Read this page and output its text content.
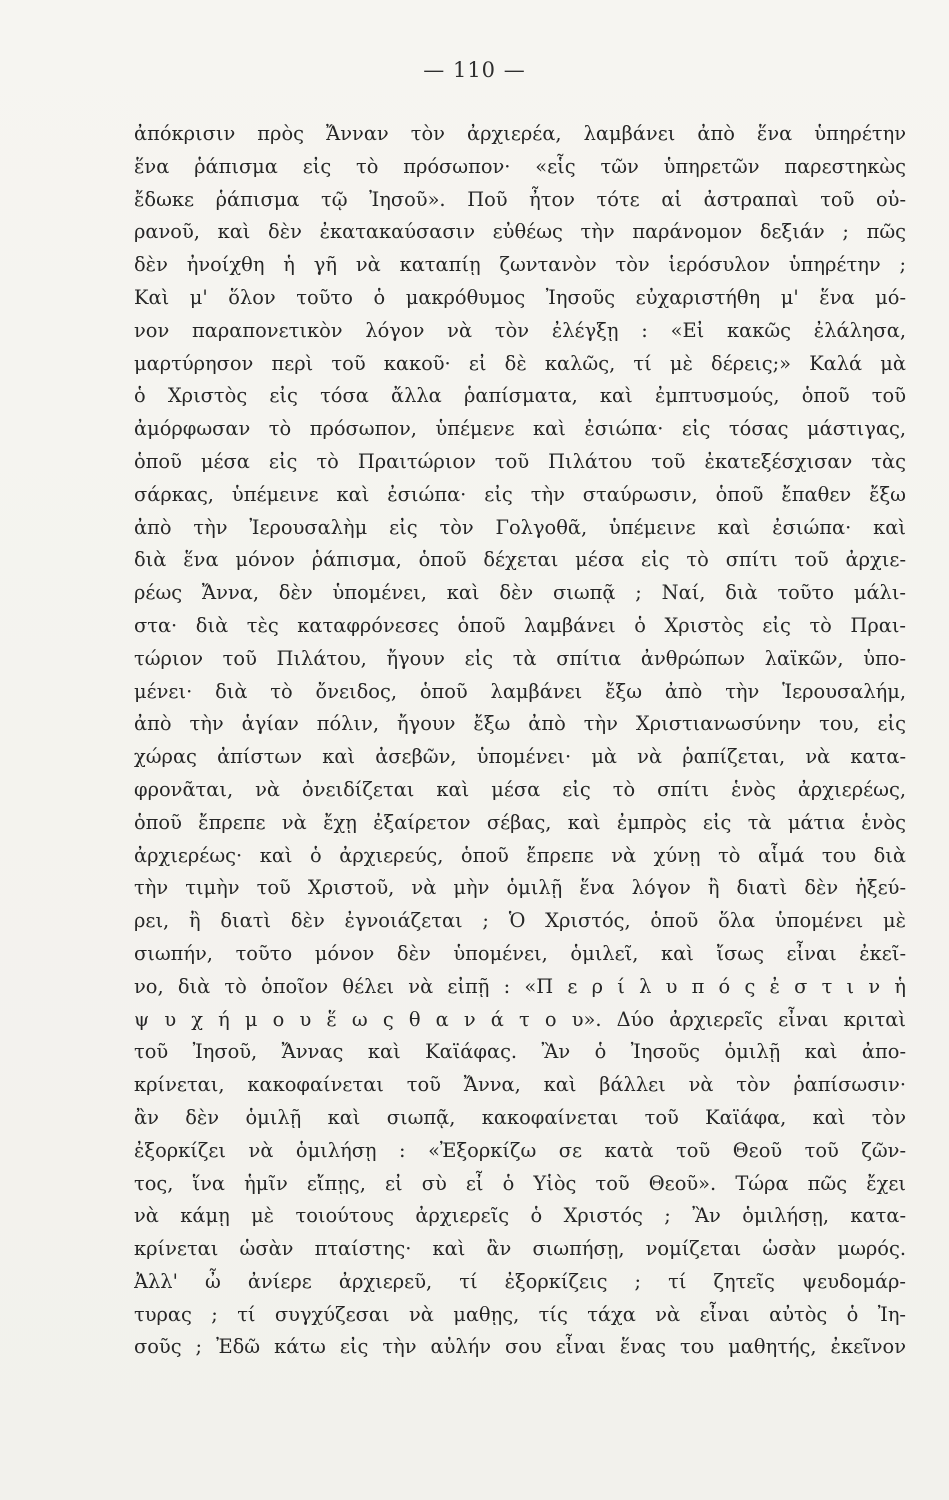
— 110 —
ἀπόκρισιν πρὸς Ἄνναν τὸν ἀρχιερέα, λαμβάνει ἀπὸ ἕνα ὑπηρέτην
ἕνα ῥάπισμα εἰς τὸ πρόσωπον· «εἷς τῶν ὑπηρετῶν παρεστηκὼς
ἔδωκε ῥάπισμα τῷ Ἰησοῦ». Ποῦ ἦτον τότε αἱ ἀστραπαὶ τοῦ οὐ-
ρανοῦ, καὶ δὲν ἐκατακαύσασιν εὐθέως τὴν παράνομον δεξιάν ; πῶς
δὲν ἠνοίχθη ἡ γῆ νὰ καταπίῃ ζωντανὸν τὸν ἱερόσυλον ὑπηρέτην ;
Καὶ μ' ὅλον τοῦτο ὁ μακρόθυμος Ἰησοῦς εὐχαριστήθη μ' ἕνα μό-
νον παραπονετικὸν λόγον νὰ τὸν ἐλέγξῃ : «Εἰ κακῶς ἐλάλησα,
μαρτύρησον περὶ τοῦ κακοῦ· εἰ δὲ καλῶς, τί μὲ δέρεις;» Καλά μὰ
ὁ Χριστὸς εἰς τόσα ἄλλα ῥαπίσματα, καὶ ἐμπτυσμούς, ὁποῦ τοῦ
ἀμόρφωσαν τὸ πρόσωπον, ὑπέμενε καὶ ἐσιώπα· εἰς τόσας μάστιγας,
ὁποῦ μέσα εἰς τὸ Πραιτώριον τοῦ Πιλάτου τοῦ ἐκατεξέσχισαν τὰς
σάρκας, ὑπέμεινε καὶ ἐσιώπα· εἰς τὴν σταύρωσιν, ὁποῦ ἔπαθεν ἔξω
ἀπὸ τὴν Ἰερουσαλὴμ εἰς τὸν Γολγοθᾶ, ὑπέμεινε καὶ ἐσιώπα· καὶ
διὰ ἕνα μόνον ῥάπισμα, ὁποῦ δέχεται μέσα εἰς τὸ σπίτι τοῦ ἀρχιε-
ρέως Ἄννα, δὲν ὑπομένει, καὶ δὲν σιωπᾷ ; Ναί, διὰ τοῦτο μάλι-
στα· διὰ τὲς καταφρόνεσες ὁποῦ λαμβάνει ὁ Χριστὸς εἰς τὸ Πραι-
τώριον τοῦ Πιλάτου, ἤγουν εἰς τὰ σπίτια ἀνθρώπων λαϊκῶν, ὑπο-
μένει· διὰ τὸ ὄνειδος, ὁποῦ λαμβάνει ἔξω ἀπὸ τὴν Ἱερουσαλήμ,
ἀπὸ τὴν ἁγίαν πόλιν, ἤγουν ἔξω ἀπὸ τὴν Χριστιανωσύνην του, εἰς
χώρας ἀπίστων καὶ ἀσεβῶν, ὑπομένει· μὰ νὰ ῥαπίζεται, νὰ κατα-
φρονᾶται, νὰ ὀνειδίζεται καὶ μέσα εἰς τὸ σπίτι ἑνὸς ἀρχιερέως,
ὁποῦ ἔπρεπε νὰ ἔχῃ ἐξαίρετον σέβας, καὶ ἐμπρὸς εἰς τὰ μάτια ἑνὸς
ἀρχιερέως· καὶ ὁ ἀρχιερεύς, ὁποῦ ἔπρεπε νὰ χύνῃ τὸ αἷμά του διὰ
τὴν τιμὴν τοῦ Χριστοῦ, νὰ μὴν ὁμιλῇ ἕνα λόγον ἢ διατὶ δὲν ἠξεύ-
ρει, ἢ διατὶ δὲν ἐγνοιάζεται ; Ὁ Χριστός, ὁποῦ ὅλα ὑπομένει μὲ
σιωπήν, τοῦτο μόνον δὲν ὑπομένει, ὁμιλεῖ, καὶ ἴσως εἶναι ἐκεῖ-
νο, διὰ τὸ ὁποῖον θέλει νὰ εἰπῇ : «Π ε ρ ί λ υ π ό ς ἐ σ τ ι ν ἡ
ψ υ χ ή μ ο υ ἕ ω ς θ α ν ά τ ο υ». Δύο ἀρχιερεῖς εἶναι κριταὶ
τοῦ Ἰησοῦ, Ἄννας καὶ Καϊάφας. Ἂν ὁ Ἰησοῦς ὁμιλῇ καὶ ἀπο-
κρίνεται, κακοφαίνεται τοῦ Ἄννα, καὶ βάλλει νὰ τὸν ῥαπίσωσιν·
ἂν δὲν ὁμιλῇ καὶ σιωπᾷ, κακοφαίνεται τοῦ Καϊάφα, καὶ τὸν
ἐξορκίζει νὰ ὁμιλήσῃ : «Ἐξορκίζω σε κατὰ τοῦ Θεοῦ τοῦ ζῶν-
τος, ἵνα ἡμῖν εἴπῃς, εἰ σὺ εἶ ὁ Υἱὸς τοῦ Θεοῦ». Τώρα πῶς ἔχει
νὰ κάμῃ μὲ τοιούτους ἀρχιερεῖς ὁ Χριστός ; Ἂν ὁμιλήσῃ, κατα-
κρίνεται ὡσὰν πταίστης· καὶ ἂν σιωπήσῃ, νομίζεται ὡσὰν μωρός.
Ἀλλ' ὦ ἀνίερε ἀρχιερεῦ, τί ἐξορκίζεις ; τί ζητεῖς ψευδομάρ-
τυρας ; τί συγχύζεσαι νὰ μαθῃς, τίς τάχα νὰ εἶναι αὐτὸς ὁ Ἰη-
σοῦς ; Ἐδῶ κάτω εἰς τὴν αὐλήν σου εἶναι ἕνας του μαθητής, ἐκεῖνον
